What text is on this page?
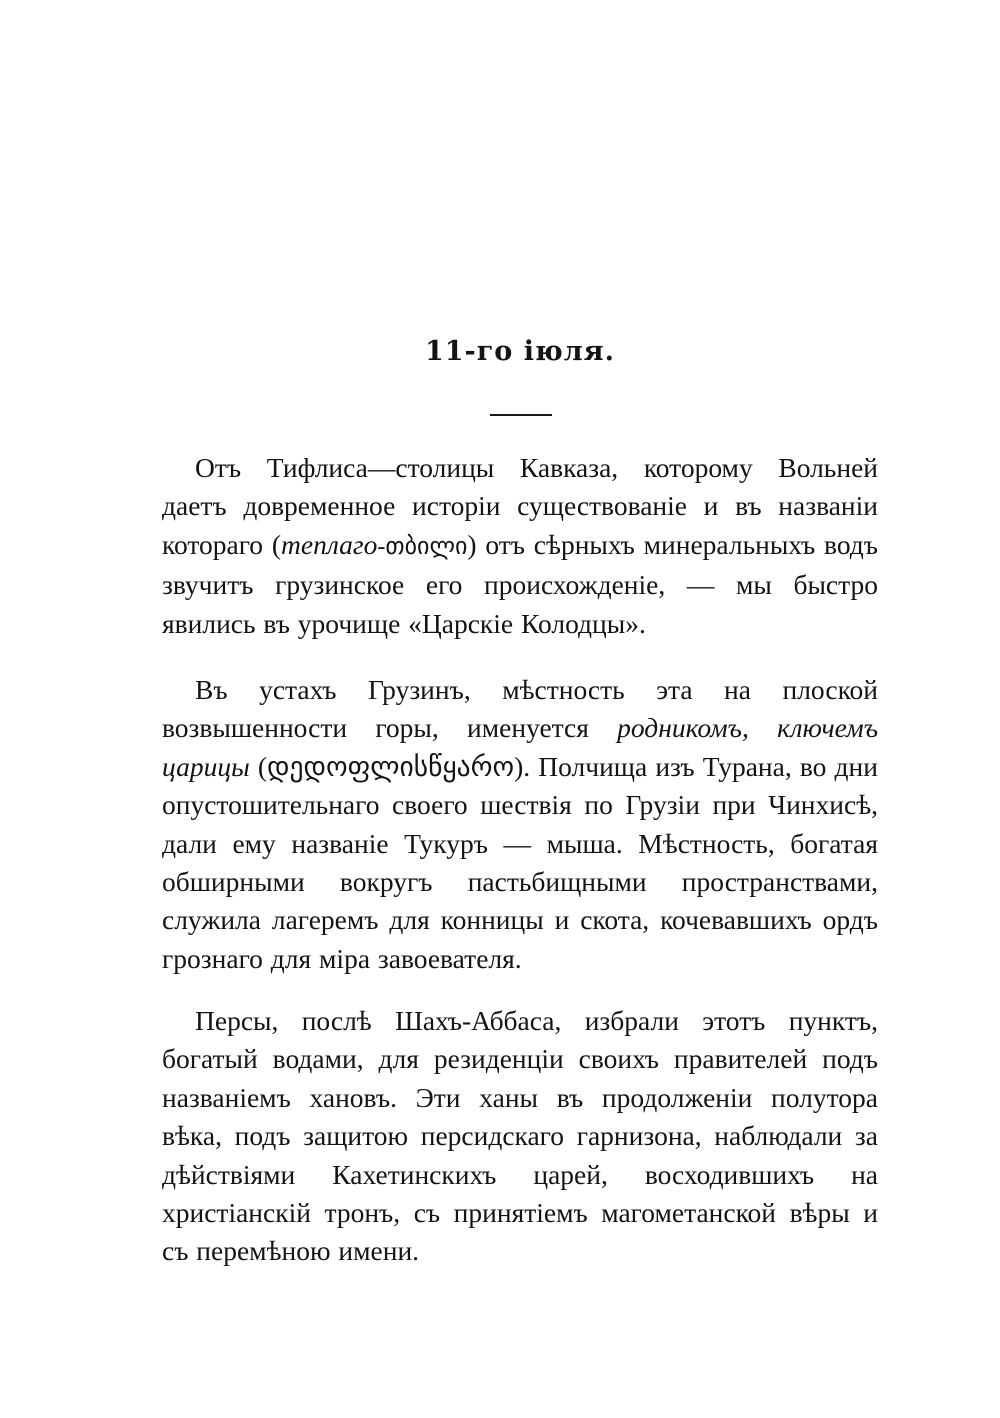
11-го іюля.

Отъ Тифлиса—столицы Кавказа, которому Вольней даетъ довременное исторіи существованіе и въ названіи котораго (теплаго-თბილი) отъ сѣрныхъ минеральныхъ водъ звучитъ грузинское его происхожденіе, — мы быстро явились въ урочище «Царскіе Колодцы».

Въ устахъ Грузинъ, мѣстность эта на плоской возвышенности горы, именуется родникомъ, ключемъ царицы (დედოფლისწყარო). Полчища изъ Турана, во дни опустошительнаго своего шествія по Грузіи при Чинхисѣ, дали ему названіе Тукуръ — мыша. Мѣстность, богатая обширными вокругъ пастьбищными пространствами, служила лагеремъ для конницы и скота, кочевавшихъ ордъ грознаго для міра завоевателя.

Персы, послѣ Шахъ-Аббаса, избрали этотъ пунктъ, богатый водами, для резиденціи своихъ правителей подъ названіемъ хановъ. Эти ханы въ продолженіи полутора вѣка, подъ защитою персидскаго гарнизона, наблюдали за дѣйствіями Кахетинскихъ царей, восходившихъ на христіанскій тронъ, съ принятіемъ магометанской вѣры и съ перемѣною имени.
